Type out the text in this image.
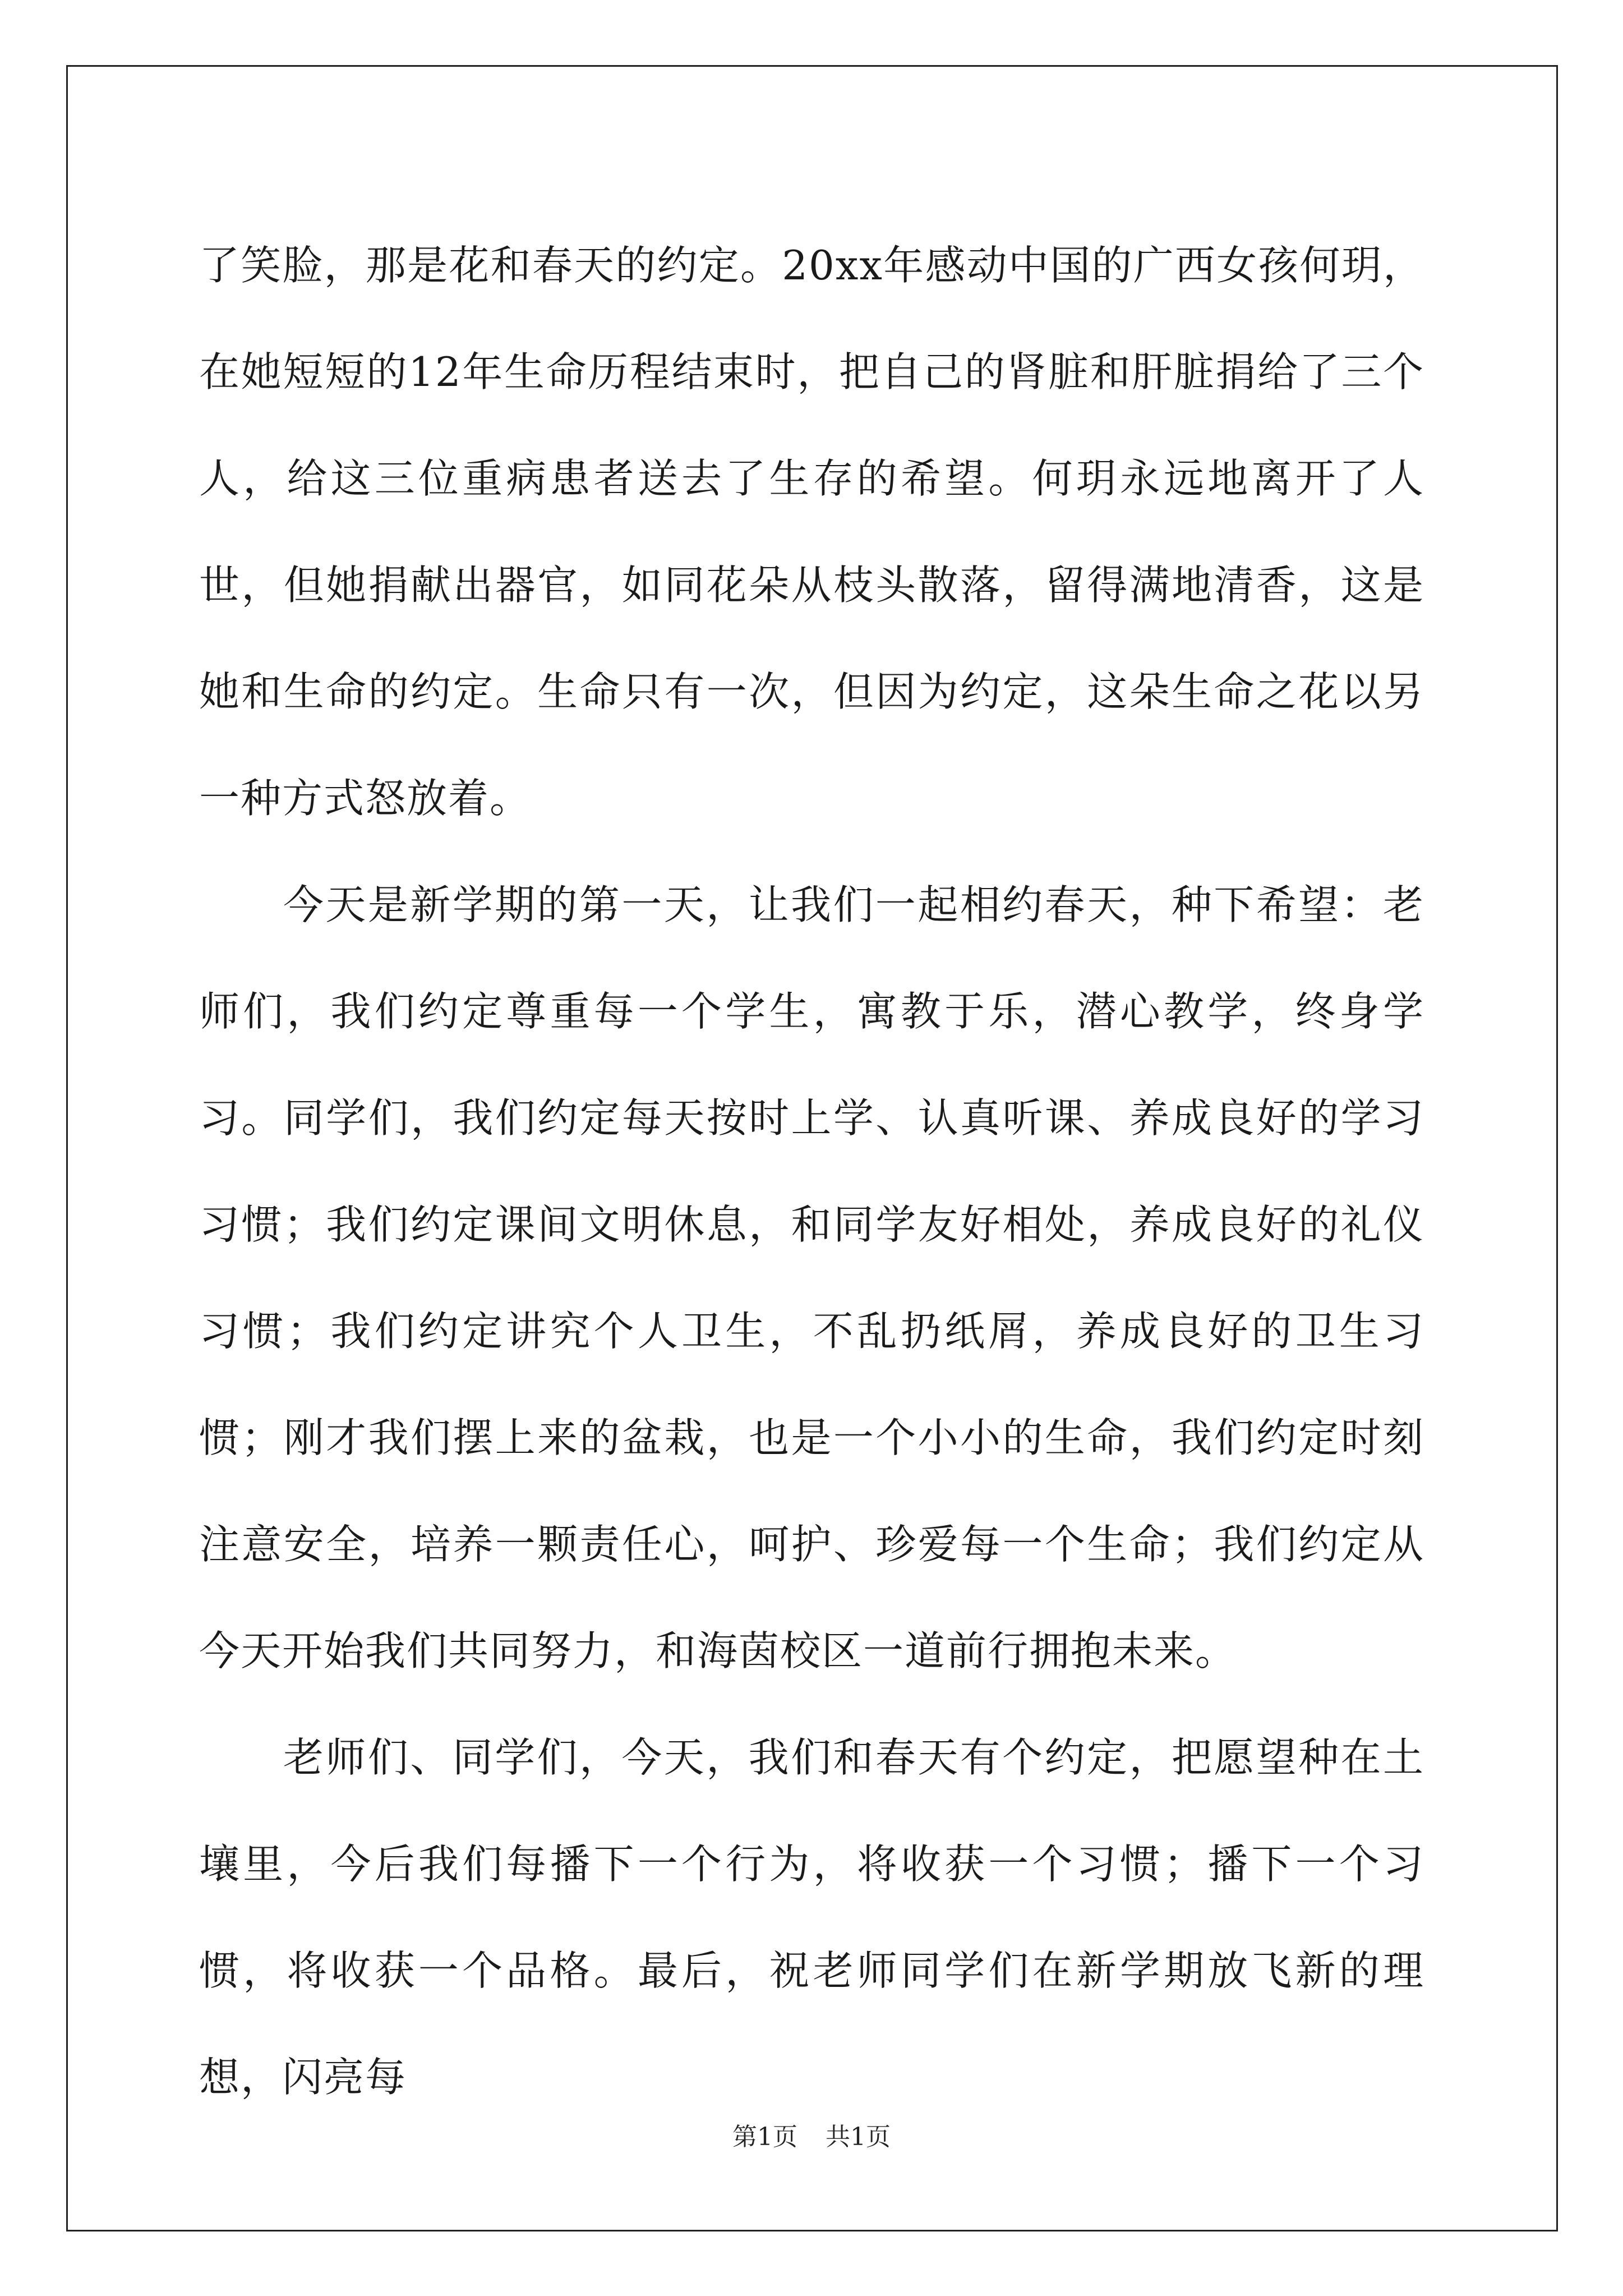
了笑脸，那是花和春天的约定。20xx年感动中国的广西女孩何玥，在她短短的12年生命历程结束时，把自己的肾脏和肝脏捐给了三个人，给这三位重病患者送去了生存的希望。何玥永远地离开了人世，但她捐献出器官，如同花朵从枝头散落，留得满地清香，这是她和生命的约定。生命只有一次，但因为约定，这朵生命之花以另一种方式怒放着。

今天是新学期的第一天，让我们一起相约春天，种下希望：老师们，我们约定尊重每一个学生，寓教于乐，潜心教学，终身学习。同学们，我们约定每天按时上学、认真听课、养成良好的学习习惯；我们约定课间文明休息，和同学友好相处，养成良好的礼仪习惯；我们约定讲究个人卫生，不乱扔纸屑，养成良好的卫生习惯；刚才我们摆上来的盆栽，也是一个小小的生命，我们约定时刻注意安全，培养一颗责任心，呵护、珍爱每一个生命；我们约定从今天开始我们共同努力，和海茵校区一道前行拥抱未来。

老师们、同学们，今天，我们和春天有个约定，把愿望种在土壤里，今后我们每播下一个行为，将收获一个习惯；播下一个习惯，将收获一个品格。最后，祝老师同学们在新学期放飞新的理想，闪亮每

第1页 共1页
